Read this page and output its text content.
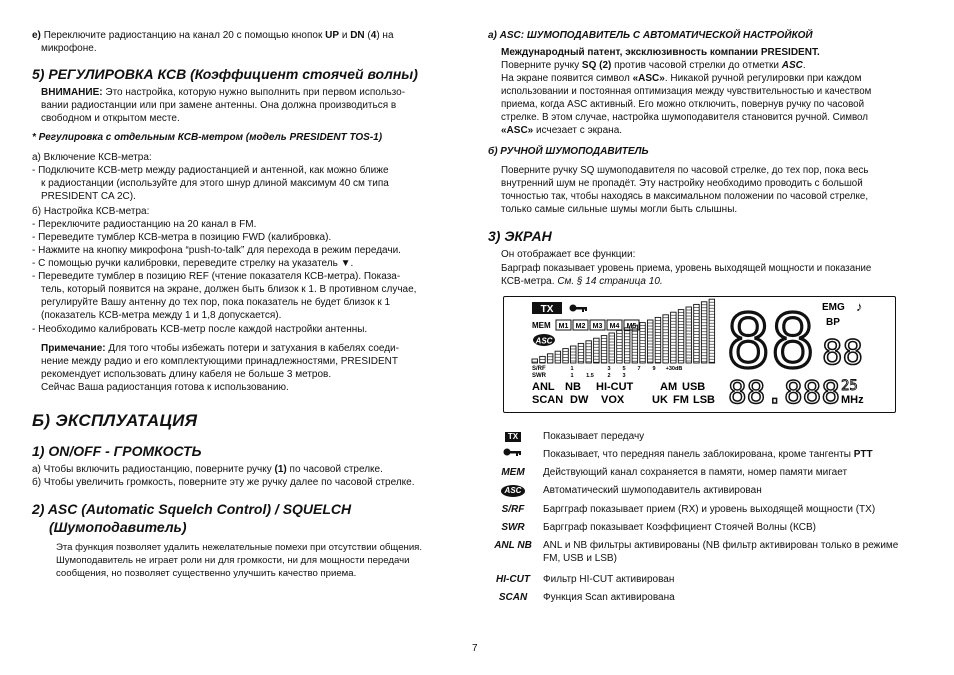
е) Переключите радиостанцию на канал 20 с помощью кнопок UP и DN (4) на
микрофоне.
5) РЕГУЛИРОВКА КСВ (Коэффициент стоячей волны)
ВНИМАНИЕ: Это настройка, которую нужно выполнить при первом использо-
вании радиостанции или при замене антенны. Она должна производиться в
свободном и открытом месте.
* Регулировка с отдельным КСВ-метром (модель PRESIDENT TOS-1)
а) Включение КСВ-метра:
- Подключите КСВ-метр между радиостанцией и антенной, как можно ближе
к радиостанции (используйте для этого шнур длиной максимум 40 см типа
PRESIDENT CA 2C).
б) Настройка КСВ-метра:
- Переключите радиостанцию на 20 канал в FM.
- Переведите тумблер КСВ-метра в позицию FWD (калибровка).
- Нажмите на кнопку микрофона “push-to-talk” для перехода в режим передачи.
- С помощью ручки калибровки, переведите стрелку на указатель ▼.
- Переведите тумблер в позицию REF (чтение показателя КСВ-метра). Показа-
тель, который появится на экране, должен быть близок к 1. В противном случае,
регулируйте Вашу антенну до тех пор, пока показатель не будет близок к 1
(показатель КСВ-метра между 1 и 1,8 допускается).
- Необходимо калибровать КСВ-метр после каждой настройки антенны.
Примечание: Для того чтобы избежать потери и затухания в кабелях соеди-
нение между радио и его комплектующими принадлежностями, PRESIDENT
рекомендует использовать длину кабеля не больше 3 метров.
Сейчас Ваша радиостанция готова к использованию.
Б) ЭКСПЛУАТАЦИЯ
1) ON/OFF - ГРОМКОСТЬ
а) Чтобы включить радиостанцию, поверните ручку (1) по часовой стрелке.
б) Чтобы увеличить громкость, поверните эту же ручку далее по часовой стрелке.
2) ASC (Automatic Squelch Control) / SQUELCH
(Шумоподавитель)
Эта функция позволяет удалить нежелательные помехи при отсутствии общения.
Шумоподавитель не играет роли ни для громкости, ни для мощности передачи
сообщения, но позволяет существенно улучшить качество приема.
а) ASC: ШУМОПОДАВИТЕЛЬ С АВТОМАТИЧЕСКОЙ НАСТРОЙКОЙ
Международный патент, эксклюзивность компании PRESIDENT.
Поверните ручку SQ (2) против часовой стрелки до отметки ASC.
На экране появится символ «ASC». Никакой ручной регулировки при каждом
использовании и постоянная оптимизация между чувствительностью и качеством
приема, когда ASC активный. Его можно отключить, повернув ручку по часовой
стрелке. В этом случае, настройка шумоподавителя становится ручной. Символ
«ASC» исчезает с экрана.
б) РУЧНОЙ ШУМОПОДАВИТЕЛЬ
Поверните ручку SQ шумоподавителя по часовой стрелке, до тех пор, пока весь
внутренний шум не пропадёт. Эту настройку необходимо проводить с большой
точностью так, чтобы находясь в максимальном положении по часовой стрелке,
только самые сильные шумы могли быть слышны.
3) ЭКРАН
Он отображает все функции:
Барграф показывает уровень приема, уровень выходящей мощности и показание
КСВ-метра. См. § 14 страница 10.
TX
MEM M1 M2 M3 M4 M5
ASC
S/RF
SWR
1	3 5 7 9 +30dB
1 1.5 2 3
ANL NB HI-CUT AM USB
SCAN DW VOX	UK FM LSB
88 EMG ♪
BP
88
88.888 25
MHz
TX	Показывает передачу
Показывает, что передняя панель заблокирована, кроме тангенты PTT
MEM	Действующий канал сохраняется в памяти, номер памяти мигает
ASC	Автоматический шумоподавитель активирован
S/RF	Баргграф показывает прием (RX) и уровень выходящей мощности (TX)
SWR	Баргграф показывает Коэффициент Стоячей Волны (КСВ)
ANL NB	ANL и NB фильтры активированы (NB фильтр активирован только в режиме FM, USB и LSB)
HI-CUT	Фильтр HI-CUT активирован
SCAN	Функция Scan активирована
7
